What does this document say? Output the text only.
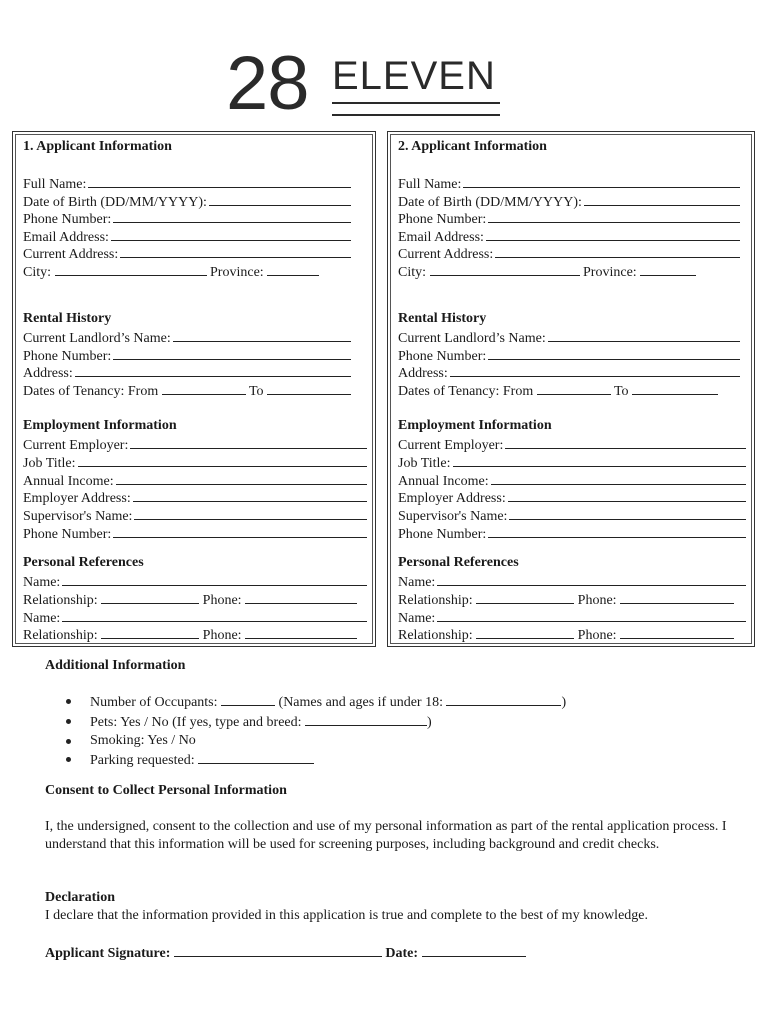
28 ELEVEN
1. Applicant Information
Full Name:
Date of Birth (DD/MM/YYYY):
Phone Number:
Email Address:
Current Address:
City:	Province:
Rental History
Current Landlord’s Name:
Phone Number:
Address:
Dates of Tenancy: From	To
Employment Information
Current Employer:
Job Title:
Annual Income:
Employer Address:
Supervisor's Name:
Phone Number:
Personal References
Name:
Relationship:	Phone:
Name:
Relationship:	Phone:
2. Applicant Information
Full Name:
Date of Birth (DD/MM/YYYY):
Phone Number:
Email Address:
Current Address:
City:	Province:
Rental History
Current Landlord’s Name:
Phone Number:
Address:
Dates of Tenancy: From	To
Employment Information
Current Employer:
Job Title:
Annual Income:
Employer Address:
Supervisor's Name:
Phone Number:
Personal References
Name:
Relationship:	Phone:
Name:
Relationship:	Phone:
Additional Information
Number of Occupants:	(Names and ages if under 18:	)
Pets: Yes / No (If yes, type and breed:	)
Smoking: Yes / No
Parking requested:
Consent to Collect Personal Information
I, the undersigned, consent to the collection and use of my personal information as part of the rental application process. I understand that this information will be used for screening purposes, including background and credit checks.
Declaration
I declare that the information provided in this application is true and complete to the best of my knowledge.
Applicant Signature:	Date:
